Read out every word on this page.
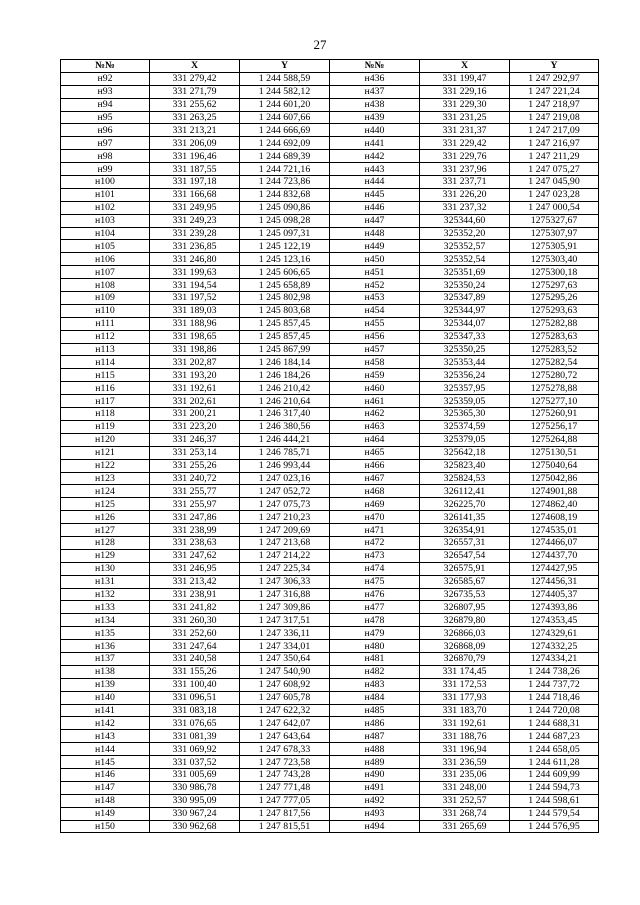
27
№№	X	Y	№№	X	Y
н92	331 279,42	1 244 588,59	н436	331 199,47	1 247 292,97
н93	331 271,79	1 244 582,12	н437	331 229,16	1 247 221,24
н94	331 255,62	1 244 601,20	н438	331 229,30	1 247 218,97
н95	331 263,25	1 244 607,66	н439	331 231,25	1 247 219,08
н96	331 213,21	1 244 666,69	н440	331 231,37	1 247 217,09
н97	331 206,09	1 244 692,09	н441	331 229,42	1 247 216,97
н98	331 196,46	1 244 689,39	н442	331 229,76	1 247 211,29
н99	331 187,55	1 244 721,16	н443	331 237,96	1 247 075,27
н100	331 197,18	1 244 723,86	н444	331 237,71	1 247 045,90
н101	331 166,68	1 244 832,68	н445	331 226,20	1 247 023,28
н102	331 249,95	1 245 090,86	н446	331 237,32	1 247 000,54
н103	331 249,23	1 245 098,28	н447	325344,60	1275327,67
н104	331 239,28	1 245 097,31	н448	325352,20	1275307,97
н105	331 236,85	1 245 122,19	н449	325352,57	1275305,91
н106	331 246,80	1 245 123,16	н450	325352,54	1275303,40
н107	331 199,63	1 245 606,65	н451	325351,69	1275300,18
н108	331 194,54	1 245 658,89	н452	325350,24	1275297,63
н109	331 197,52	1 245 802,98	н453	325347,89	1275295,26
н110	331 189,03	1 245 803,68	н454	325344,97	1275293,63
н111	331 188,96	1 245 857,45	н455	325344,07	1275282,88
н112	331 198,65	1 245 857,45	н456	325347,33	1275283,63
н113	331 198,86	1 245 867,99	н457	325350,25	1275283,52
н114	331 202,87	1 246 184,14	н458	325353,44	1275282,54
н115	331 193,20	1 246 184,26	н459	325356,24	1275280,72
н116	331 192,61	1 246 210,42	н460	325357,95	1275278,88
н117	331 202,61	1 246 210,64	н461	325359,05	1275277,10
н118	331 200,21	1 246 317,40	н462	325365,30	1275260,91
н119	331 223,20	1 246 380,56	н463	325374,59	1275256,17
н120	331 246,37	1 246 444,21	н464	325379,05	1275264,88
н121	331 253,14	1 246 785,71	н465	325642,18	1275130,51
н122	331 255,26	1 246 993,44	н466	325823,40	1275040,64
н123	331 240,72	1 247 023,16	н467	325824,53	1275042,86
н124	331 255,77	1 247 052,72	н468	326112,41	1274901,88
н125	331 255,97	1 247 075,73	н469	326225,70	1274862,40
н126	331 247,86	1 247 210,23	н470	326141,35	1274608,19
н127	331 238,99	1 247 209,69	н471	326354,91	1274535,01
н128	331 238,63	1 247 213,68	н472	326557,31	1274466,07
н129	331 247,62	1 247 214,22	н473	326547,54	1274437,70
н130	331 246,95	1 247 225,34	н474	326575,91	1274427,95
н131	331 213,42	1 247 306,33	н475	326585,67	1274456,31
н132	331 238,91	1 247 316,88	н476	326735,53	1274405,37
н133	331 241,82	1 247 309,86	н477	326807,95	1274393,86
н134	331 260,30	1 247 317,51	н478	326879,80	1274353,45
н135	331 252,60	1 247 336,11	н479	326866,03	1274329,61
н136	331 247,64	1 247 334,01	н480	326868,09	1274332,25
н137	331 240,58	1 247 350,64	н481	326870,79	1274334,21
н138	331 155,26	1 247 540,90	н482	331 174,45	1 244 738,26
н139	331 100,40	1 247 608,92	н483	331 172,53	1 244 737,72
н140	331 096,51	1 247 605,78	н484	331 177,93	1 244 718,46
н141	331 083,18	1 247 622,32	н485	331 183,70	1 244 720,08
н142	331 076,65	1 247 642,07	н486	331 192,61	1 244 688,31
н143	331 081,39	1 247 643,64	н487	331 188,76	1 244 687,23
н144	331 069,92	1 247 678,33	н488	331 196,94	1 244 658,05
н145	331 037,52	1 247 723,58	н489	331 236,59	1 244 611,28
н146	331 005,69	1 247 743,28	н490	331 235,06	1 244 609,99
н147	330 986,78	1 247 771,48	н491	331 248,00	1 244 594,73
н148	330 995,09	1 247 777,05	н492	331 252,57	1 244 598,61
н149	330 967,24	1 247 817,56	н493	331 268,74	1 244 579,54
н150	330 962,68	1 247 815,51	н494	331 265,69	1 244 576,95
